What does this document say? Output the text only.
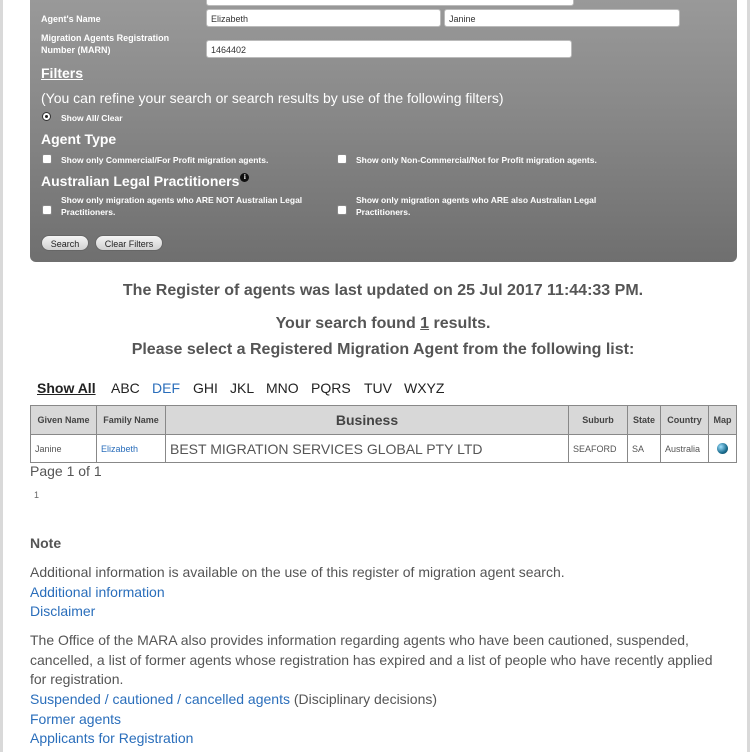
Agent's Name	Elizabeth	Janine
Migration Agents Registration Number (MARN)	1464402
Filters
(You can refine your search or search results by use of the following filters)
Show All/ Clear
Agent Type
Show only Commercial/For Profit migration agents.	Show only Non-Commercial/Not for Profit migration agents.
Australian Legal Practitioners i
Show only migration agents who ARE NOT Australian Legal Practitioners.
Show only migration agents who ARE also Australian Legal Practitioners.
Search	Clear Filters
The Register of agents was last updated on 25 Jul 2017 11:44:33 PM.
Your search found 1 results.
Please select a Registered Migration Agent from the following list:
Show All ABC DEF GHI JKL MNO PQRS TUV WXYZ
Given Name	Family Name	Business	Suburb	State	Country	Map
Janine	Elizabeth	BEST MIGRATION SERVICES GLOBAL PTY LTD	SEAFORD	SA	Australia	
Page 1 of 1
1
Note
Additional information is available on the use of this register of migration agent search.
Additional information
Disclaimer
The Office of the MARA also provides information regarding agents who have been cautioned, suspended, cancelled, a list of former agents whose registration has expired and a list of people who have recently applied for registration.
Suspended / cautioned / cancelled agents (Disciplinary decisions)
Former agents
Applicants for Registration
